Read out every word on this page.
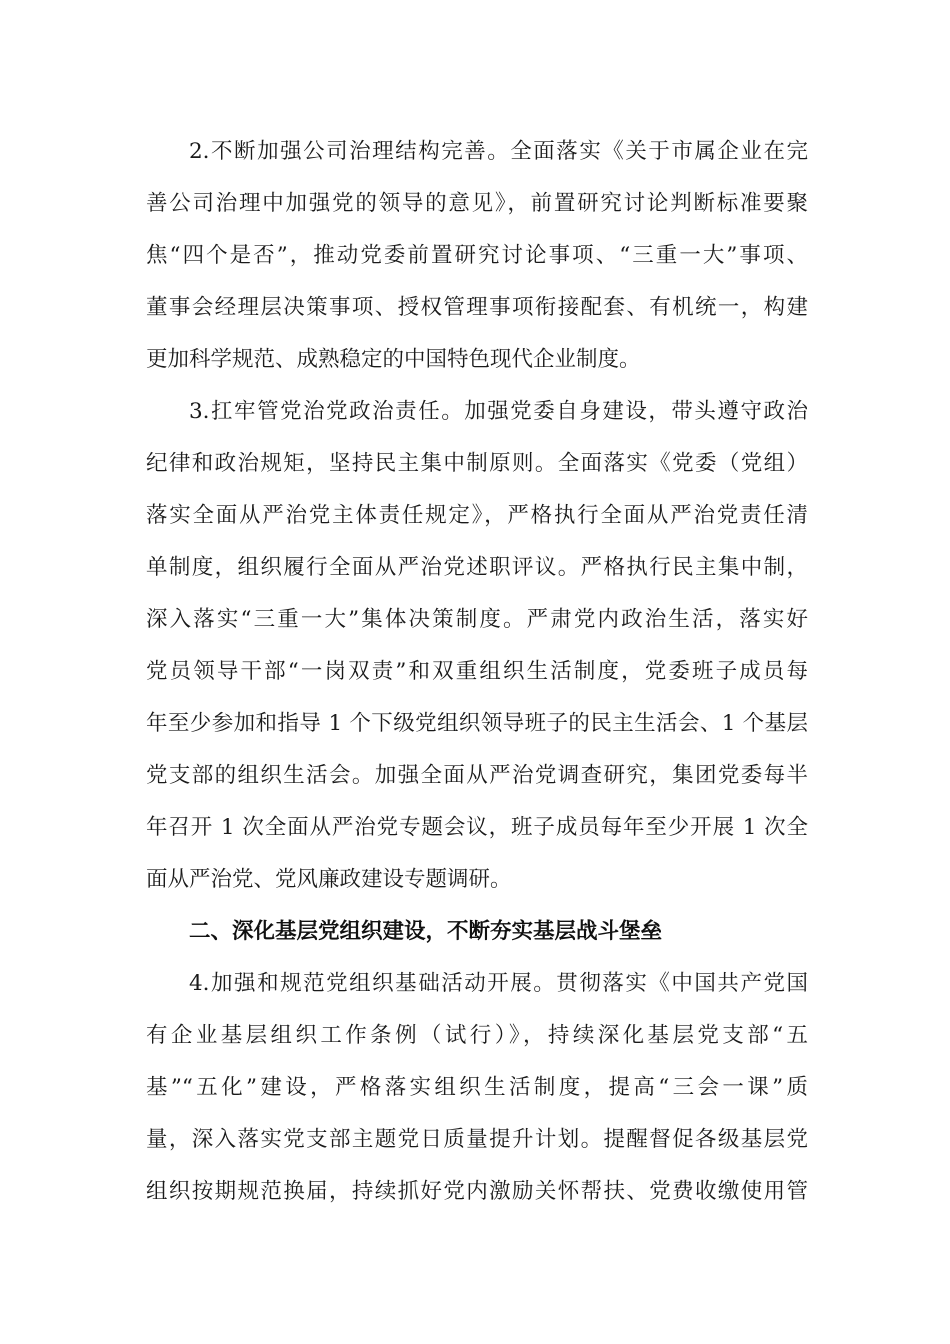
2.不断加强公司治理结构完善。全面落实《关于市属企业在完
善公司治理中加强党的领导的意见》，前置研究讨论判断标准要聚
焦“四个是否”，推动党委前置研究讨论事项、“三重一大”事项、
董事会经理层决策事项、授权管理事项衔接配套、有机统一，构建
更加科学规范、成熟稳定的中国特色现代企业制度。
3.扛牢管党治党政治责任。加强党委自身建设，带头遵守政治
纪律和政治规矩，坚持民主集中制原则。全面落实《党委（党组）
落实全面从严治党主体责任规定》，严格执行全面从严治党责任清
单制度，组织履行全面从严治党述职评议。严格执行民主集中制，
深入落实“三重一大”集体决策制度。严肃党内政治生活，落实好
党员领导干部“一岗双责”和双重组织生活制度，党委班子成员每
年至少参加和指导 1 个下级党组织领导班子的民主生活会、1 个基层
党支部的组织生活会。加强全面从严治党调查研究，集团党委每半
年召开 1 次全面从严治党专题会议，班子成员每年至少开展 1 次全
面从严治党、党风廉政建设专题调研。
二、深化基层党组织建设，不断夯实基层战斗堡垒
4.加强和规范党组织基础活动开展。贯彻落实《中国共产党国
有企业基层组织工作条例（试行）》，持续深化基层党支部“五
基”“五化”建设，严格落实组织生活制度，提高“三会一课”质
量，深入落实党支部主题党日质量提升计划。提醒督促各级基层党
组织按期规范换届，持续抓好党内激励关怀帮扶、党费收缴使用管
